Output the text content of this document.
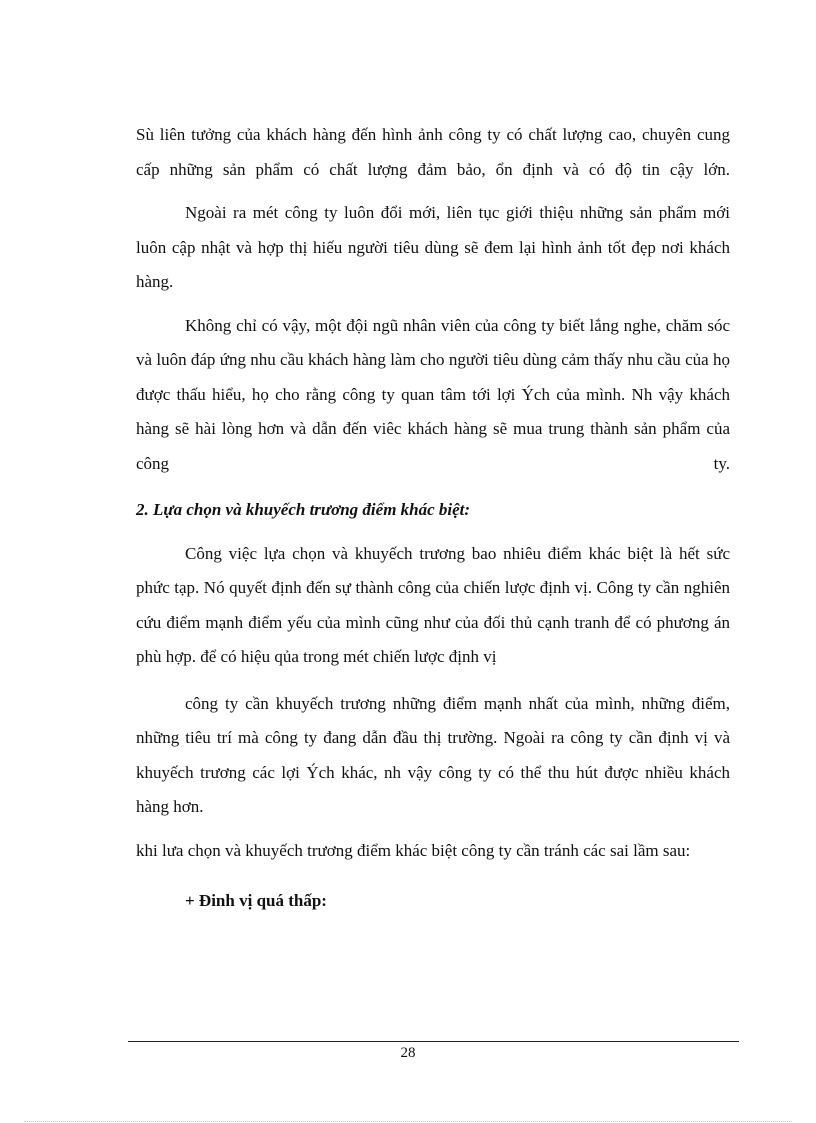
Sù liên tưởng của khách hàng đến hình ảnh công ty có chất lượng cao, chuyên cung cấp những sản phẩm có chất lượng đảm bảo, ổn định và có độ tin cậy lớn.

Ngoài ra mét công ty luôn đổi mới, liên tục giới thiệu những sản phẩm mới luôn cập nhật và hợp thị hiếu người tiêu dùng sẽ đem lại hình ảnh tốt đẹp nơi khách hàng.

Không chỉ có vậy, một đội ngũ nhân viên của công ty biết lắng nghe, chăm sóc và luôn đáp ứng nhu cầu khách hàng làm cho người tiêu dùng cảm thấy nhu cầu của họ được thấu hiểu, họ cho rằng công ty quan tâm tới lợi Ých của mình. Nh vậy khách hàng sẽ hài lòng hơn và dẫn đến viêc khách hàng sẽ mua trung thành sản phẩm của công ty.

2. Lựa chọn và khuyếch trương điểm khác biệt:

Công việc lựa chọn và khuyếch trương bao nhiêu điểm khác biệt là hết sức phức tạp. Nó quyết định đến sự thành công của chiến lược định vị. Công ty cần nghiên cứu điểm mạnh điểm yếu của mình cũng như của đối thủ cạnh tranh để có phương án phù hợp. để có hiệu qủa trong mét chiến lược định vị

công ty cần khuyếch trương những điểm mạnh nhất của mình, những điểm, những tiêu trí mà công ty đang dẫn đầu thị trường. Ngoài ra công ty cần định vị và khuyếch trương các lợi Ých khác, nh vậy công ty có thể thu hút được nhiều khách hàng hơn.

khi lưa chọn và khuyếch trương điểm khác biệt công ty cần tránh các sai lầm sau:

+ Đinh vị quá thấp:
28
